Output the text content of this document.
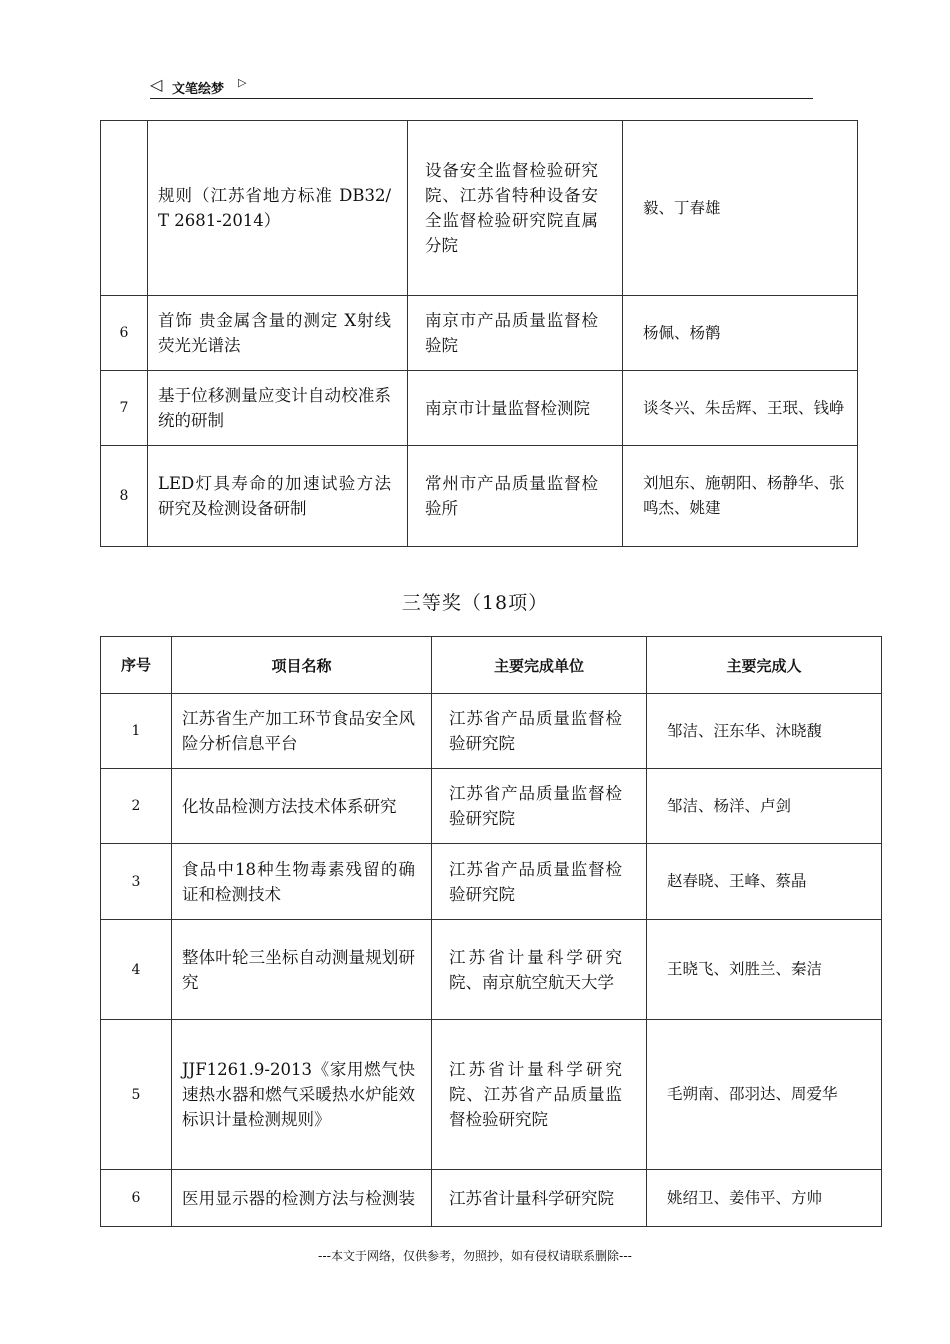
◁ 文笔绘梦 ▷

	规则（江苏省地方标准 DB32/T 2681-2014）	设备安全监督检验研究院、江苏省特种设备安全监督检验研究院直属分院	毅、丁春雄

6	首饰 贵金属含量的测定 X射线荧光光谱法	南京市产品质量监督检验院	杨佩、杨鹡

7	基于位移测量应变计自动校准系统的研制	南京市计量监督检测院	谈冬兴、朱岳辉、王珉、钱峥

8	LED灯具寿命的加速试验方法研究及检测设备研制	常州市产品质量监督检验所	刘旭东、施朝阳、杨静华、张鸣杰、姚建
三等奖（18项）
序号	项目名称	主要完成单位	主要完成人
1	江苏省生产加工环节食品安全风险分析信息平台	江苏省产品质量监督检验研究院	邹洁、汪东华、沐晓馥

2	化妆品检测方法技术体系研究	江苏省产品质量监督检验研究院	邹洁、杨洋、卢剑

3	食品中18种生物毒素残留的确证和检测技术	江苏省产品质量监督检验研究院	赵春晓、王峰、蔡晶

4	整体叶轮三坐标自动测量规划研究	江苏省计量科学研究院、南京航空航天大学	王晓飞、刘胜兰、秦洁

5	JJF1261.9-2013《家用燃气快速热水器和燃气采暖热水炉能效标识计量检测规则》	江苏省计量科学研究院、江苏省产品质量监督检验研究院	毛朔南、邵羽达、周爱华

6	医用显示器的检测方法与检测装	江苏省计量科学研究院	姚绍卫、姜伟平、方帅
---本文于网络，仅供参考，勿照抄，如有侵权请联系删除---
